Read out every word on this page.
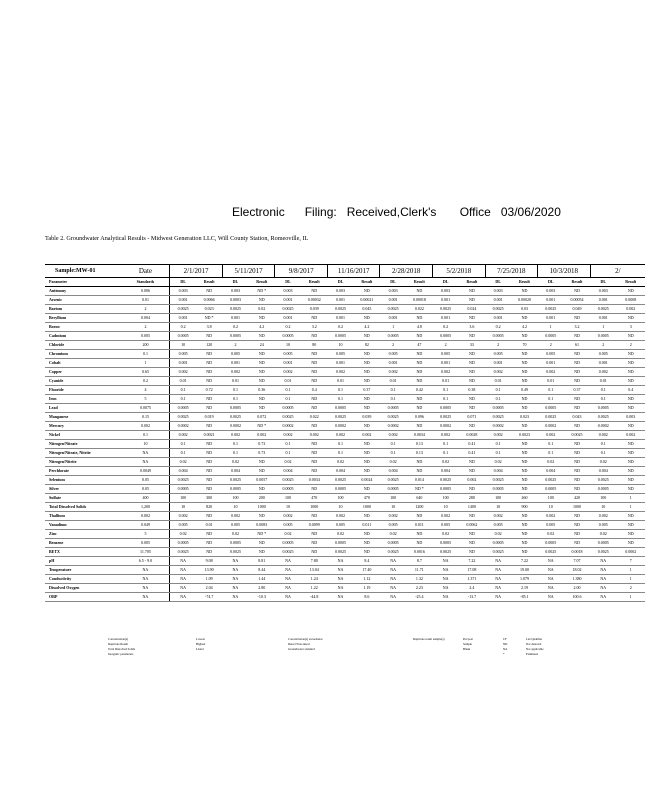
Electronic      Filing:   Received,Clerk's       Office 03/06/2020
Table 2. Groundwater Analytical Results - Midwest Generation LLC, Will County Station, Romeoville, IL
Sample:MW-01	Date	2/1/2017		5/11/2017		9/8/2017		11/16/2017		2/28/2018		5/2/2018		7/25/2018		10/3/2018		2/	
Parameter	Standards	DL	Result	DL	Result	DL	Result	DL	Result	DL	Result	DL	Result	DL	Result	DL	Result	DL	Result
Antimony	0.006	0.003	ND	0.003	ND *	0.003	ND	0.003	ND	0.003	ND	0.003	ND	0.003	ND	0.003	ND	0.003	ND
Arsenic	0.01	0.001	0.0066	0.0003	ND	0.001	0.00032	0.001	0.00021	0.001	0.00018	0.001	ND	0.001	0.00020	0.001	0.00054	0.001	0.0008
Barium	2	0.0025	0.023	0.0025	0.02	0.0025	0.039	0.0025	0.045	0.0025	0.022	0.0025	0.024	0.0025	0.03	0.0025	0.049	0.0025	0.002
Beryllium	0.004	0.001	ND *	0.001	ND	0.001	ND	0.001	ND	0.001	ND	0.001	ND	0.001	ND	0.001	ND	0.001	ND
Boron	2	0.2	3.8	0.2	4.2	0.2	3.2	0.2	4.2	1	4.8	0.2	3.6	0.2	4.2	1	3.2	1	3
Cadmium	0.005	0.0005	ND	0.0005	ND	0.0005	ND	0.0005	ND	0.0005	ND	0.0005	ND	0.0005	ND	0.0005	ND	0.0005	ND
Chloride	200	10	120	2	24	10	80	10	82	2	47	2	33	2	70	2	61	2	2
Chromium	0.1	0.005	ND	0.005	ND	0.005	ND	0.005	ND	0.005	ND	0.005	ND	0.005	ND	0.005	ND	0.005	ND
Cobalt	1	0.001	ND	0.001	ND	0.001	ND	0.001	ND	0.001	ND	0.001	ND	0.001	ND	0.001	ND	0.001	ND
Copper	0.65	0.002	ND	0.002	ND	0.002	ND	0.002	ND	0.002	ND	0.002	ND	0.002	ND	0.002	ND	0.002	ND
Cyanide	0.2	0.01	ND	0.01	ND	0.01	ND	0.01	ND	0.01	ND	0.01	ND	0.01	ND	0.01	ND	0.01	ND
Fluoride	4	0.1	0.72	0.1	0.36	0.1	0.4	0.1	0.37	0.1	0.42	0.1	0.38	0.1	0.49	0.1	0.37	0.1	0.4
Iron	5	0.1	ND	0.1	ND	0.1	ND	0.1	ND	0.1	ND	0.1	ND	0.1	ND	0.1	ND	0.1	ND
Lead	0.0075	0.0005	ND	0.0005	ND	0.0005	ND	0.0005	ND	0.0005	ND	0.0005	ND	0.0005	ND	0.0005	ND	0.0005	ND
Manganese	0.15	0.0025	0.019	0.0025	0.072	0.0025	0.022	0.0025	0.039	0.0025	0.096	0.0025	0.071	0.0025	0.023	0.0025	0.043	0.0025	0.003
Mercury	0.002	0.0002	ND	0.0002	ND *	0.0002	ND	0.0002	ND	0.0002	ND	0.0002	ND	0.0002	ND	0.0002	ND	0.0002	ND
Nickel	0.1	0.002	0.0021	0.002	0.002	0.002	0.002	0.002	0.002	0.002	0.0034	0.002	0.0028	0.002	0.0023	0.002	0.0025	0.002	0.002
Nitrogen/Nitrate	10	0.1	ND	0.1	0.73	0.1	ND	0.1	ND	0.1	0.13	0.1	0.41	0.1	ND	0.1	ND	0.1	ND
Nitrogen/Nitrate, Nitrite	NA	0.1	ND	0.1	0.73	0.1	ND	0.1	ND	0.1	0.13	0.1	0.41	0.1	ND	0.1	ND	0.1	ND
Nitrogen/Nitrite	NA	0.02	ND	0.02	ND	0.02	ND	0.02	ND	0.02	ND	0.02	ND	0.02	ND	0.02	ND	0.02	ND
Perchlorate	0.0049	0.004	ND	0.004	ND	0.004	ND	0.004	ND	0.004	ND	0.004	ND	0.004	ND	0.004	ND	0.004	ND
Selenium	0.05	0.0025	ND	0.0025	0.0057	0.0025	0.0034	0.0025	0.0024	0.0025	0.014	0.0025	0.002	0.0025	ND	0.0025	ND	0.0025	ND
Silver	0.05	0.0005	ND	0.0005	ND	0.0005	ND	0.0005	ND	0.0005	ND *	0.0005	ND	0.0005	ND	0.0005	ND	0.0005	ND
Sulfate	400	100	300	100	200	100	470	100	470	100	640	100	280	100	460	100	420	100	1
Total Dissolved Solids	1,200	10	820	10	1000	10	1000	10	1000	10	1200	10	1400	10	900	10	1000	10	1
Thallium	0.002	0.002	ND	0.002	ND	0.002	ND	0.002	ND	0.002	ND	0.002	ND	0.002	ND	0.002	ND	0.002	ND
Vanadium	0.049	0.005	0.01	0.005	0.0083	0.005	0.0099	0.005	0.011	0.005	0.011	0.005	0.0062	0.005	ND	0.005	ND	0.005	ND
Zinc	5	0.02	ND	0.02	ND *	0.02	ND	0.02	ND	0.02	ND	0.02	ND	0.02	ND	0.02	ND	0.02	ND
Benzene	0.005	0.0005	ND	0.0005	ND	0.0005	ND	0.0005	ND	0.0005	ND	0.0005	ND	0.0005	ND	0.0005	ND	0.0005	ND
BETX	11.705	0.0025	ND	0.0025	ND	0.0025	ND	0.0025	ND	0.0025	0.0016	0.0025	ND	0.0025	ND	0.0025	0.0018	0.0025	0.0002
pH	6.5 - 9.0	NA	9.08	NA	8.81	NA	7.80	NA	8.4	NA	8.7	NA	7.22	NA	7.22	NA	7.07	NA	7
Temperature	NA	NA	13.90	NA	8.44	NA	13.04	NA	17.40	NA	11.71	NA	17.08	NA	19.00	NA	18.02	NA	1
Conductivity	NA	NA	1.09	NA	1.44	NA	1.24	NA	1.12	NA	1.32	NA	1.371	NA	1.079	NA	1.380	NA	1
Dissolved Oxygen	NA	NA	2.04	NA	2.80	NA	1.22	NA	1.19	NA	2.23	NA	2.4	NA	2.19	NA	2.00	NA	2
ORP	NA	NA	-74.7	NA	-10.3	NA	-44.8	NA	8.6	NA	-25.4	NA	-13.7	NA	-85.1	NA	100.6	NA	1
Concentration(s)
Duplicate Result
Total Dissolved Solids
Inorganic parameters
Lowest
Highest
Listed
Concentration(s) exceedance
Detect/Non-detect
Groundwater standard
Duplicate result sample(s)	Pre/post
Sample
Blank
CF
ND
NA
*
Lab Qualifier
Not detected
Not applicable
Estimated
